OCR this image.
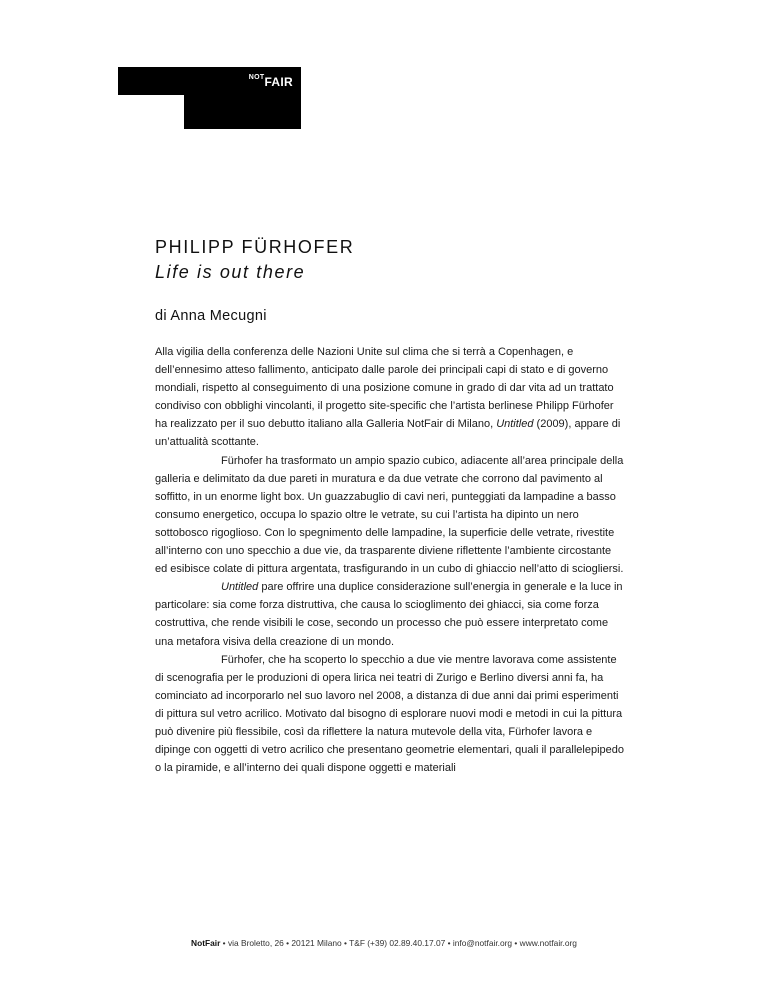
$^{NOT}$FAIR
PHILIPP FÜRHOFER
Life is out there
di Anna Mecugni

Alla vigilia della conferenza delle Nazioni Unite sul clima che si terrà a Copenhagen, e dell’ennesimo atteso fallimento, anticipato dalle parole dei principali capi di stato e di governo mondiali, rispetto al conseguimento di una posizione comune in grado di dar vita ad un trattato condiviso con obblighi vincolanti, il progetto site-specific che l’artista berlinese Philipp Fürhofer ha realizzato per il suo debutto italiano alla Galleria NotFair di Milano, Untitled (2009), appare di un’attualità scottante.

Fürhofer ha trasformato un ampio spazio cubico, adiacente all’area principale della galleria e delimitato da due pareti in muratura e da due vetrate che corrono dal pavimento al soffitto, in un enorme light box. Un guazzabuglio di cavi neri, punteggiati da lampadine a basso consumo energetico, occupa lo spazio oltre le vetrate, su cui l’artista ha dipinto un nero sottobosco rigoglioso. Con lo spegnimento delle lampadine, la superficie delle vetrate, rivestite all’interno con uno specchio a due vie, da trasparente diviene riflettente l’ambiente circostante ed esibisce colate di pittura argentata, trasfigurando in un cubo di ghiaccio nell’atto di sciogliersi.

Untitled pare offrire una duplice considerazione sull’energia in generale e la luce in particolare: sia come forza distruttiva, che causa lo scioglimento dei ghiacci, sia come forza costruttiva, che rende visibili le cose, secondo un processo che può essere interpretato come una metafora visiva della creazione di un mondo.

Fürhofer, che ha scoperto lo specchio a due vie mentre lavorava come assistente di scenografia per le produzioni di opera lirica nei teatri di Zurigo e Berlino diversi anni fa, ha cominciato ad incorporarlo nel suo lavoro nel 2008, a distanza di due anni dai primi esperimenti di pittura sul vetro acrilico. Motivato dal bisogno di esplorare nuovi modi e metodi in cui la pittura può divenire più flessibile, così da riflettere la natura mutevole della vita, Fürhofer lavora e dipinge con oggetti di vetro acrilico che presentano geometrie elementari, quali il parallelepipedo o la piramide, e all’interno dei quali dispone oggetti e materiali

NotFair • via Broletto, 26 • 20121 Milano • T&F (+39) 02.89.40.17.07 • info@notfair.org • www.notfair.org
